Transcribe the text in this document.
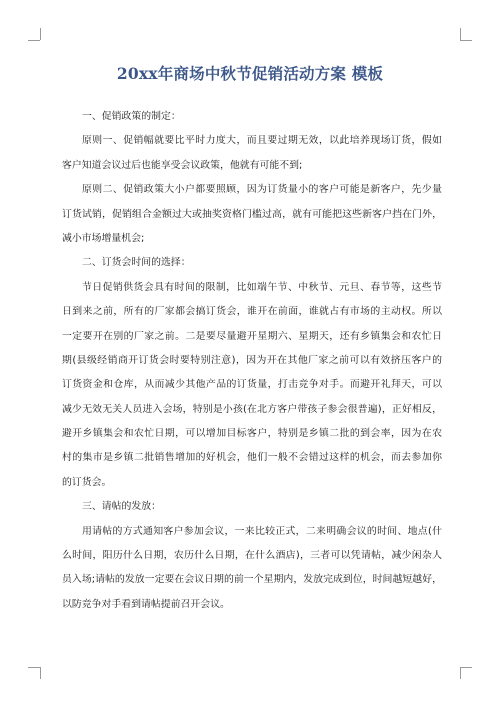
20xx年商场中秋节促销活动方案 模板
一、促销政策的制定：
原则一、促销幅就要比平时力度大，而且要过期无效，以此培养现场订货，假如
客户知道会议过后也能享受会议政策，他就有可能不到;
原则二、促销政策大小户都要照顾，因为订货量小的客户可能是新客户，先少量
订货试销，促销组合金额过大或抽奖资格门槛过高，就有可能把这些新客户挡在门外，
减小市场增量机会;
二、订货会时间的选择：
节日促销供货会具有时间的限制，比如端午节、中秋节、元旦、春节等，这些节
日到来之前，所有的厂家都会搞订货会，谁开在前面，谁就占有市场的主动权。所以
一定要开在别的厂家之前。二是要尽量避开星期六、星期天，还有乡镇集会和农忙日
期(县级经销商开订货会时要特别注意)，因为开在其他厂家之前可以有效挤压客户的
订货资金和仓库，从而减少其他产品的订货量，打击竞争对手。而避开礼拜天，可以
减少无效无关人员进入会场，特别是小孩(在北方客户带孩子参会很普遍)，正好相反，
避开乡镇集会和农忙日期，可以增加目标客户，特别是乡镇二批的到会率，因为在农
村的集市是乡镇二批销售增加的好机会，他们一般不会错过这样的机会，而去参加你
的订货会。
三、请帖的发放：
用请帖的方式通知客户参加会议，一来比较正式，二来明确会议的时间、地点(什
么时间，阳历什么日期，农历什么日期，在什么酒店)，三者可以凭请帖，减少闲杂人
员入场;请帖的发放一定要在会议日期的前一个星期内，发放完成到位，时间越短越好，
以防竞争对手看到请帖提前召开会议。
